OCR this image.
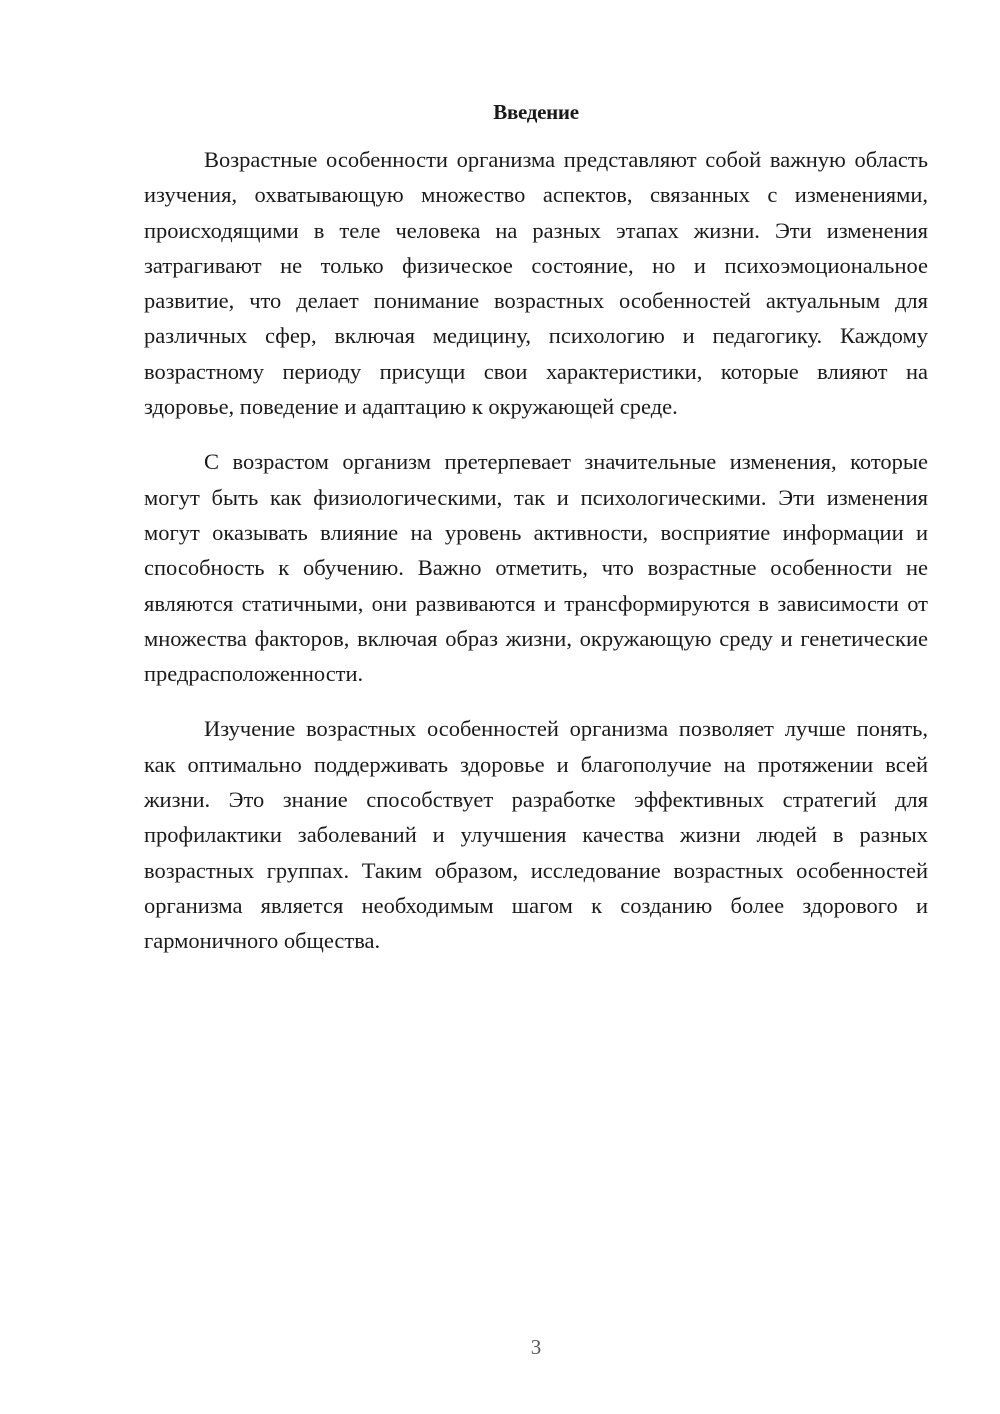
Введение

Возрастные особенности организма представляют собой важную область изучения, охватывающую множество аспектов, связанных с изменениями, происходящими в теле человека на разных этапах жизни. Эти изменения затрагивают не только физическое состояние, но и психоэмоциональное развитие, что делает понимание возрастных особенностей актуальным для различных сфер, включая медицину, психологию и педагогику. Каждому возрастному периоду присущи свои характеристики, которые влияют на здоровье, поведение и адаптацию к окружающей среде.

С возрастом организм претерпевает значительные изменения, которые могут быть как физиологическими, так и психологическими. Эти изменения могут оказывать влияние на уровень активности, восприятие информации и способность к обучению. Важно отметить, что возрастные особенности не являются статичными, они развиваются и трансформируются в зависимости от множества факторов, включая образ жизни, окружающую среду и генетические предрасположенности.

Изучение возрастных особенностей организма позволяет лучше понять, как оптимально поддерживать здоровье и благополучие на протяжении всей жизни. Это знание способствует разработке эффективных стратегий для профилактики заболеваний и улучшения качества жизни людей в разных возрастных группах. Таким образом, исследование возрастных особенностей организма является необходимым шагом к созданию более здорового и гармоничного общества.

3
